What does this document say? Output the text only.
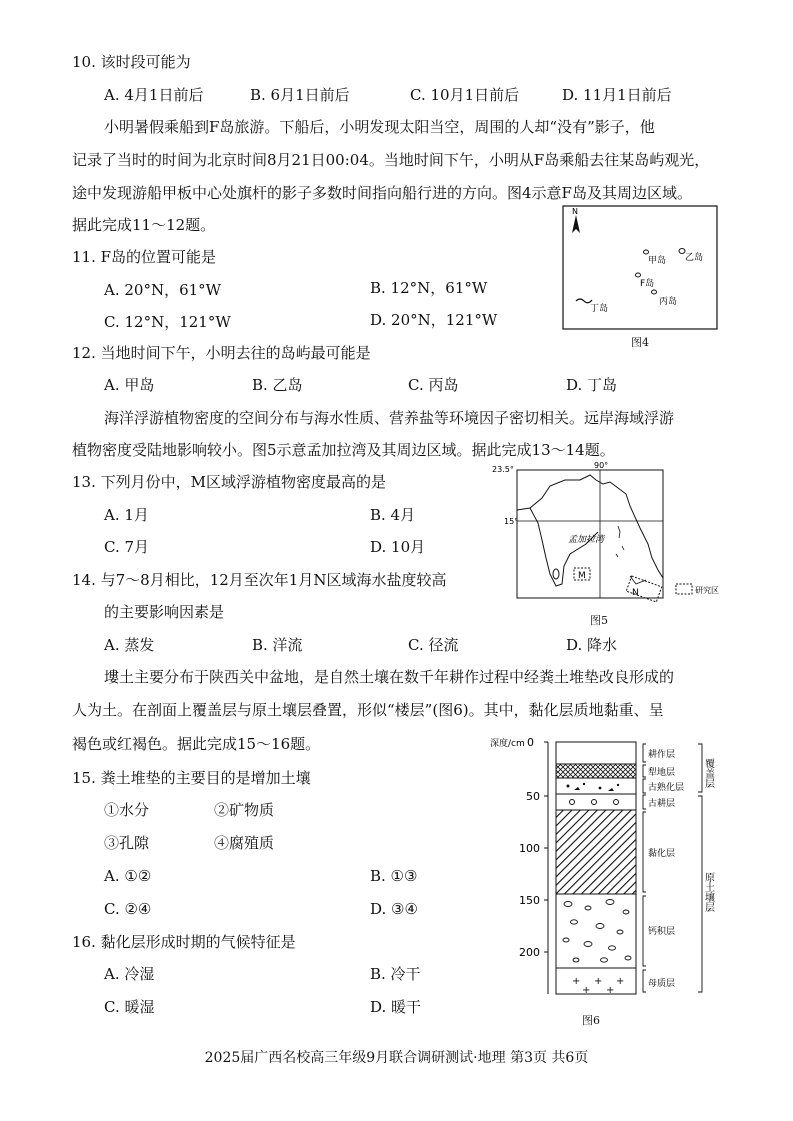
10. 该时段可能为
A. 4月1日前后	B. 6月1日前后	C. 10月1日前后	D. 11月1日前后
小明暑假乘船到F岛旅游。下船后，小明发现太阳当空，周围的人却“没有”影子，他
记录了当时的时间为北京时间8月21日00:04。当地时间下午，小明从F岛乘船去往某岛屿观光，
途中发现游船甲板中心处旗杆的影子多数时间指向船行进的方向。图4示意F岛及其周边区域。
据此完成11～12题。
11. F岛的位置可能是
A. 20°N，61°W	B. 12°N，61°W
C. 12°N，121°W	D. 20°N，121°W
N
甲岛 乙岛
F岛
丙岛
丁岛
图4
12. 当地时间下午，小明去往的岛屿最可能是
A. 甲岛	B. 乙岛	C. 丙岛	D. 丁岛
海洋浮游植物密度的空间分布与海水性质、营养盐等环境因子密切相关。远岸海域浮游
植物密度受陆地影响较小。图5示意孟加拉湾及其周边区域。据此完成13～14题。
13. 下列月份中，M区域浮游植物密度最高的是
A. 1月	B. 4月
C. 7月	D. 10月
23.5°	90°
15°
孟加拉湾
M
N	研究区
图5
14. 与7～8月相比，12月至次年1月N区域海水盐度较高
的主要影响因素是
A. 蒸发	B. 洋流	C. 径流	D. 降水
塿土主要分布于陕西关中盆地，是自然土壤在数千年耕作过程中经粪土堆垫改良形成的
人为土。在剖面上覆盖层与原土壤层叠置，形似“楼层”(图6)。其中，黏化层质地黏重、呈
褐色或红褐色。据此完成15～16题。
15. 粪土堆垫的主要目的是增加土壤
①水分	②矿物质
③孔隙	④腐殖质
A. ①②	B. ①③
C. ②④	D. ③④
16. 黏化层形成时期的气候特征是
A. 冷湿	B. 冷干
C. 暖湿	D. 暖干
深度/cm 0
50
100
150
200
+ + +
+ +
耕作层
犁地层
古熟化层
古耕层
黏化层
钙积层
母质层
覆盖层
原土壤层
图6
2025届广西名校高三年级9月联合调研测试·地理 第3页 共6页
